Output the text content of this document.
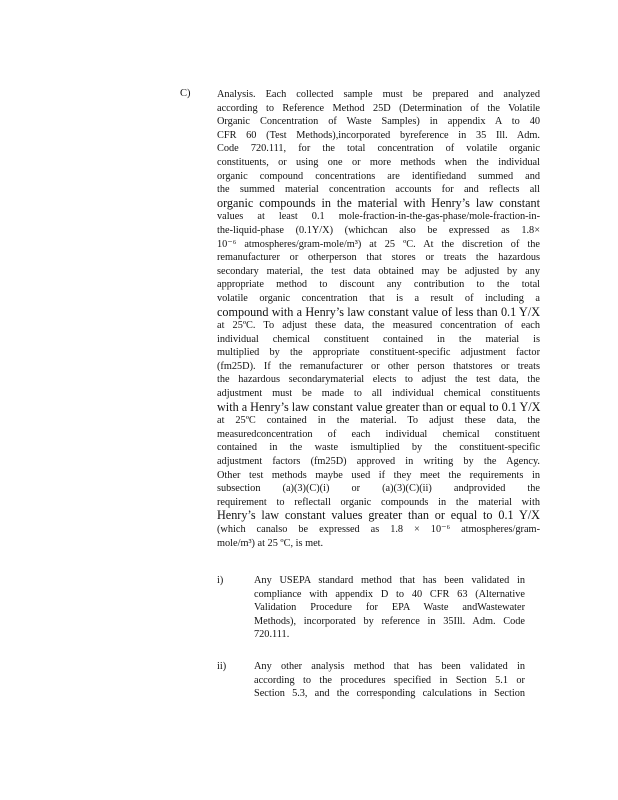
C)	Analysis. Each collected sample must be prepared and analyzed
according to Reference Method 25D (Determination of the Volatile
Organic Concentration of Waste Samples) in appendix A to 40
CFR 60 (Test Methods),incorporated byreference in 35 Ill. Adm.
Code 720.111, for the total concentration of volatile organic
constituents, or using one or more methods when the individual
organic compound concentrations are identifiedand summed and
the summed material concentration accounts for and reflects all
organic compounds in the material with Henry’s law constant
values at least 0.1 mole-fraction-in-the-gas-phase/mole-fraction-in-
the-liquid-phase (0.1Y/X) (whichcan also be expressed as 1.8×
10⁻⁶ atmospheres/gram-mole/m³) at 25 ºC. At the discretion of the
remanufacturer or otherperson that stores or treats the hazardous
secondary material, the test data obtained may be adjusted by any
appropriate method to discount any contribution to the total
volatile organic concentration that is a result of including a
compound with a Henry’s law constant value of less than 0.1 Y/X
at 25ºC. To adjust these data, the measured concentration of each
individual chemical constituent contained in the material is
multiplied by the appropriate constituent-specific adjustment factor
(fm25D). If the remanufacturer or other person thatstores or treats
the hazardous secondarymaterial elects to adjust the test data, the
adjustment must be made to all individual chemical constituents
with a Henry’s law constant value greater than or equal to 0.1 Y/X
at 25ºC contained in the material. To adjust these data, the
measuredconcentration of each individual chemical constituent
contained in the waste ismultiplied by the constituent-specific
adjustment factors (fm25D) approved in writing by the Agency.
Other test methods maybe used if they meet the requirements in
subsection (a)(3)(C)(i) or (a)(3)(C)(ii) andprovided the
requirement to reflectall organic compounds in the material with
Henry’s law constant values greater than or equal to 0.1 Y/X
(which canalso be expressed as 1.8 × 10⁻⁶ atmospheres/gram-
mole/m³) at 25 ºC, is met.
i)	Any USEPA standard method that has been validated in
compliance with appendix D to 40 CFR 63 (Alternative
Validation Procedure for EPA Waste andWastewater
Methods), incorporated by reference in 35Ill. Adm. Code
720.111.
ii)	Any other analysis method that has been validated in
according to the procedures specified in Section 5.1 or
Section 5.3, and the corresponding calculations in Section
